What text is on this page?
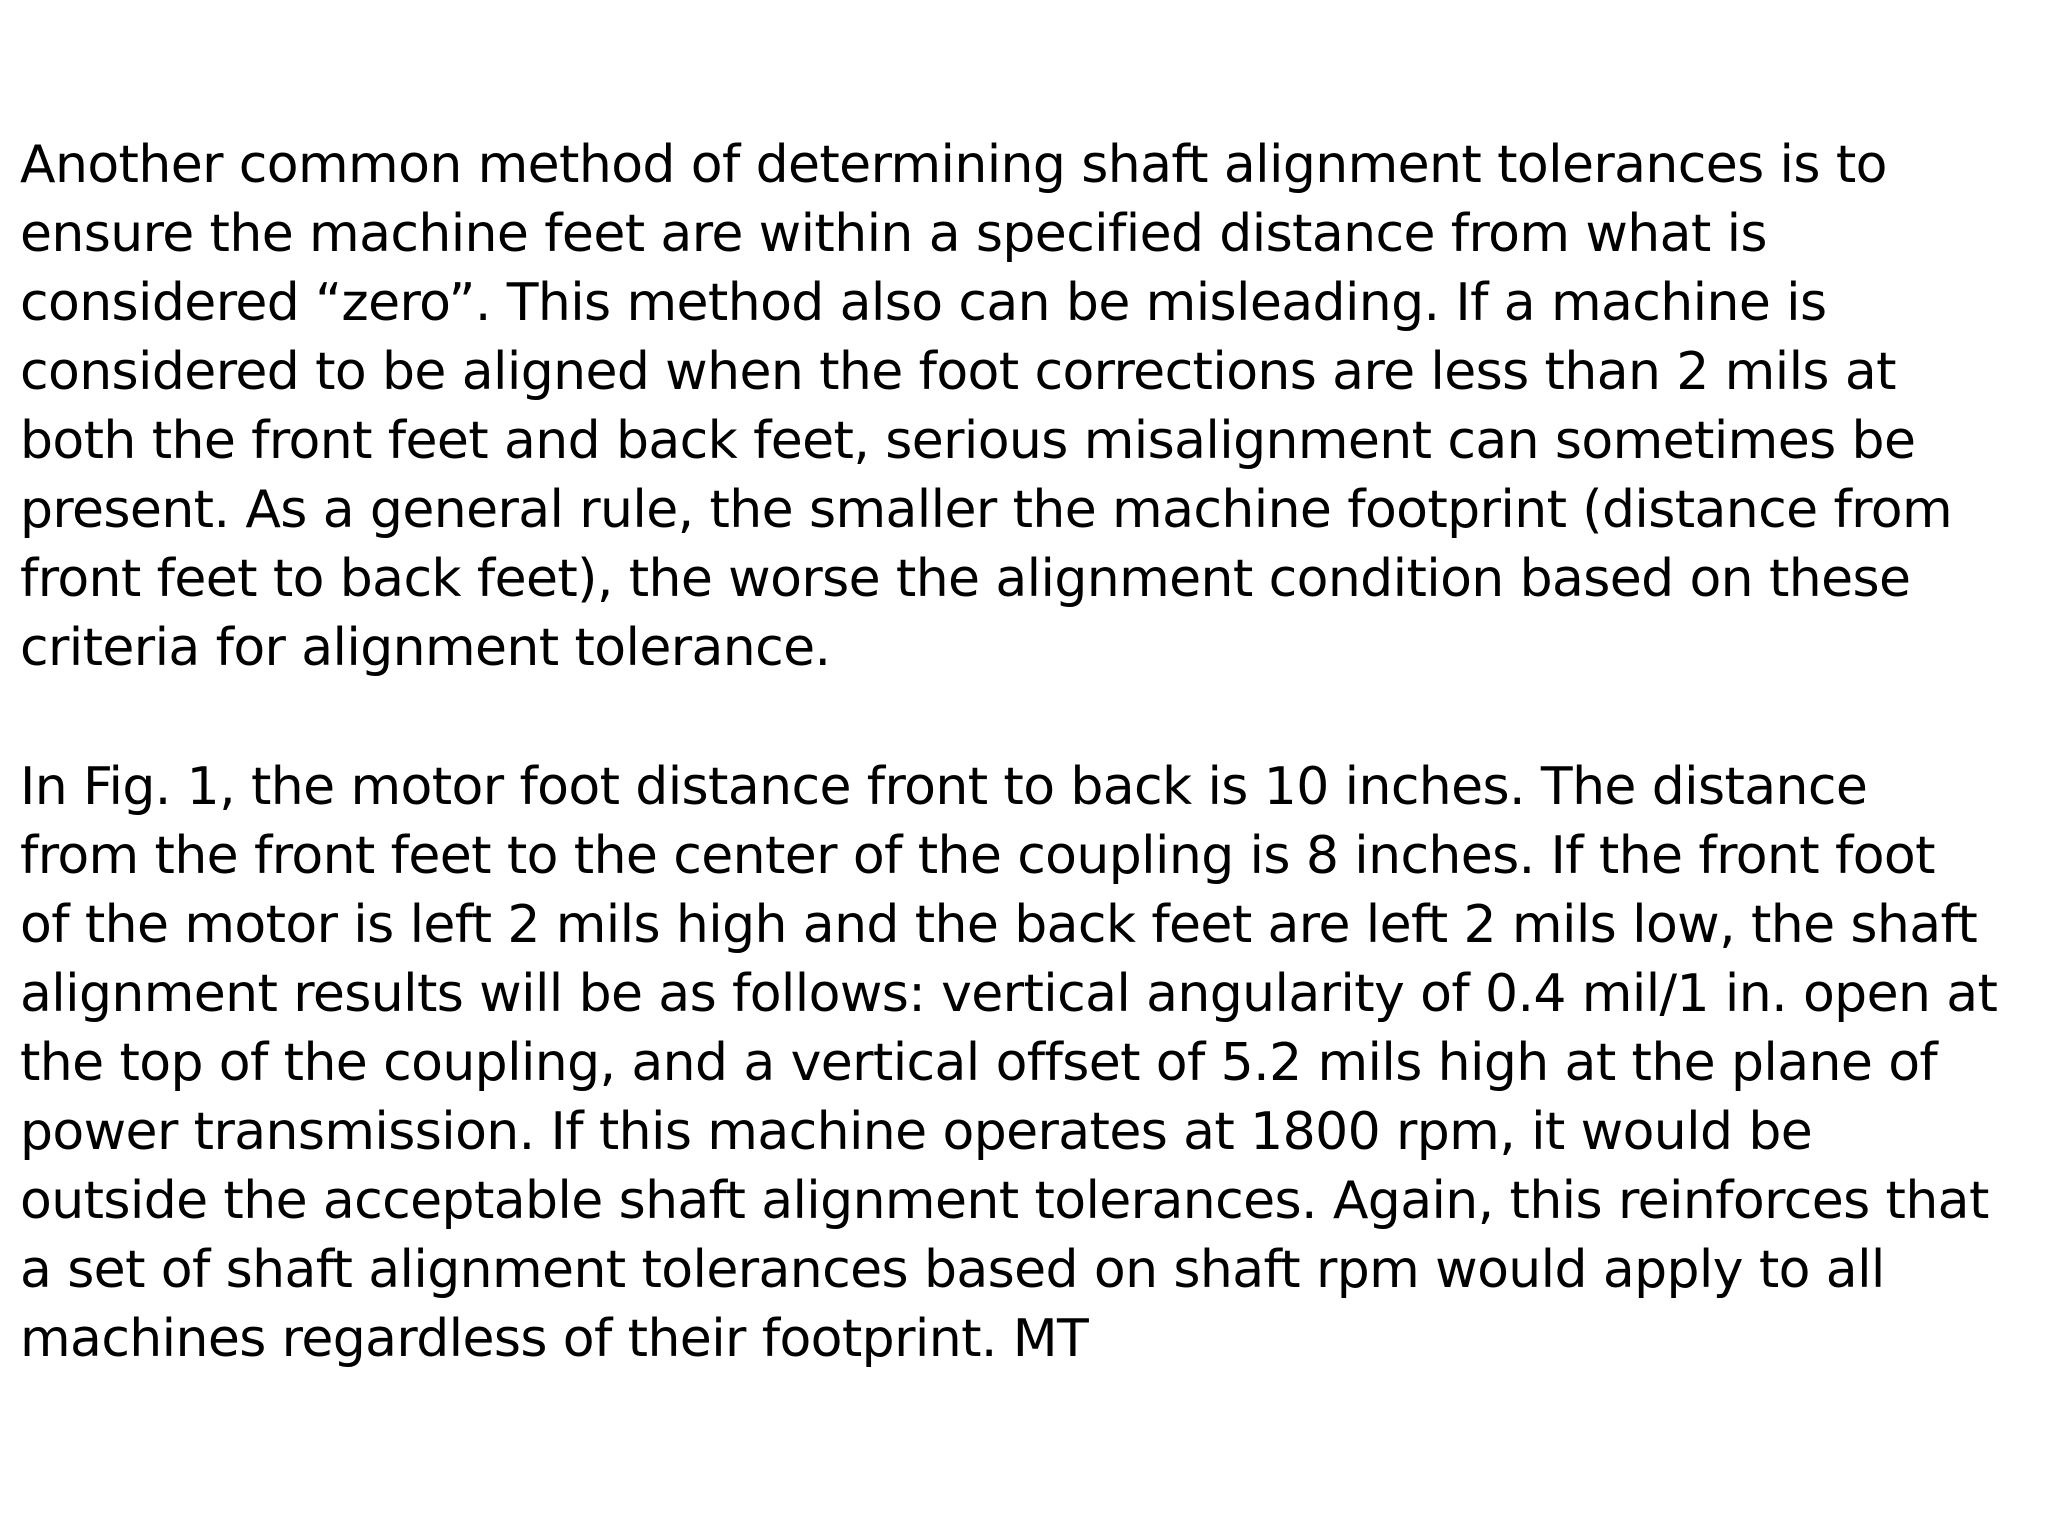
Another common method of determining shaft alignment tolerances is to
ensure the machine feet are within a specified distance from what is
considered “zero”. This method also can be misleading. If a machine is
considered to be aligned when the foot corrections are less than 2 mils at
both the front feet and back feet, serious misalignment can sometimes be
present. As a general rule, the smaller the machine footprint (distance from
front feet to back feet), the worse the alignment condition based on these
criteria for alignment tolerance.
In Fig. 1, the motor foot distance front to back is 10 inches. The distance
from the front feet to the center of the coupling is 8 inches. If the front foot
of the motor is left 2 mils high and the back feet are left 2 mils low, the shaft
alignment results will be as follows: vertical angularity of 0.4 mil/1 in. open at
the top of the coupling, and a vertical offset of 5.2 mils high at the plane of
power transmission. If this machine operates at 1800 rpm, it would be
outside the acceptable shaft alignment tolerances. Again, this reinforces that
a set of shaft alignment tolerances based on shaft rpm would apply to all
machines regardless of their footprint. MT
